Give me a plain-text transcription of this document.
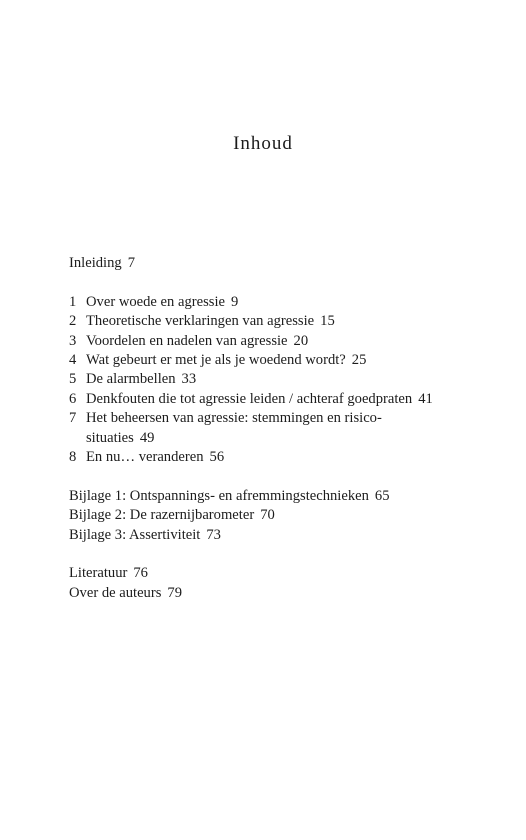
Inhoud
Inleiding 7
1 Over woede en agressie 9
2 Theoretische verklaringen van agressie 15
3 Voordelen en nadelen van agressie 20
4 Wat gebeurt er met je als je woedend wordt? 25
5 De alarmbellen 33
6 Denkfouten die tot agressie leiden / achteraf goedpraten 41
7 Het beheersen van agressie: stemmingen en risico-
situaties 49
8 En nu… veranderen 56
Bijlage 1: Ontspannings- en afremmingstechnieken 65
Bijlage 2: De razernijbarometer 70
Bijlage 3: Assertiviteit 73
Literatuur 76
Over de auteurs 79
